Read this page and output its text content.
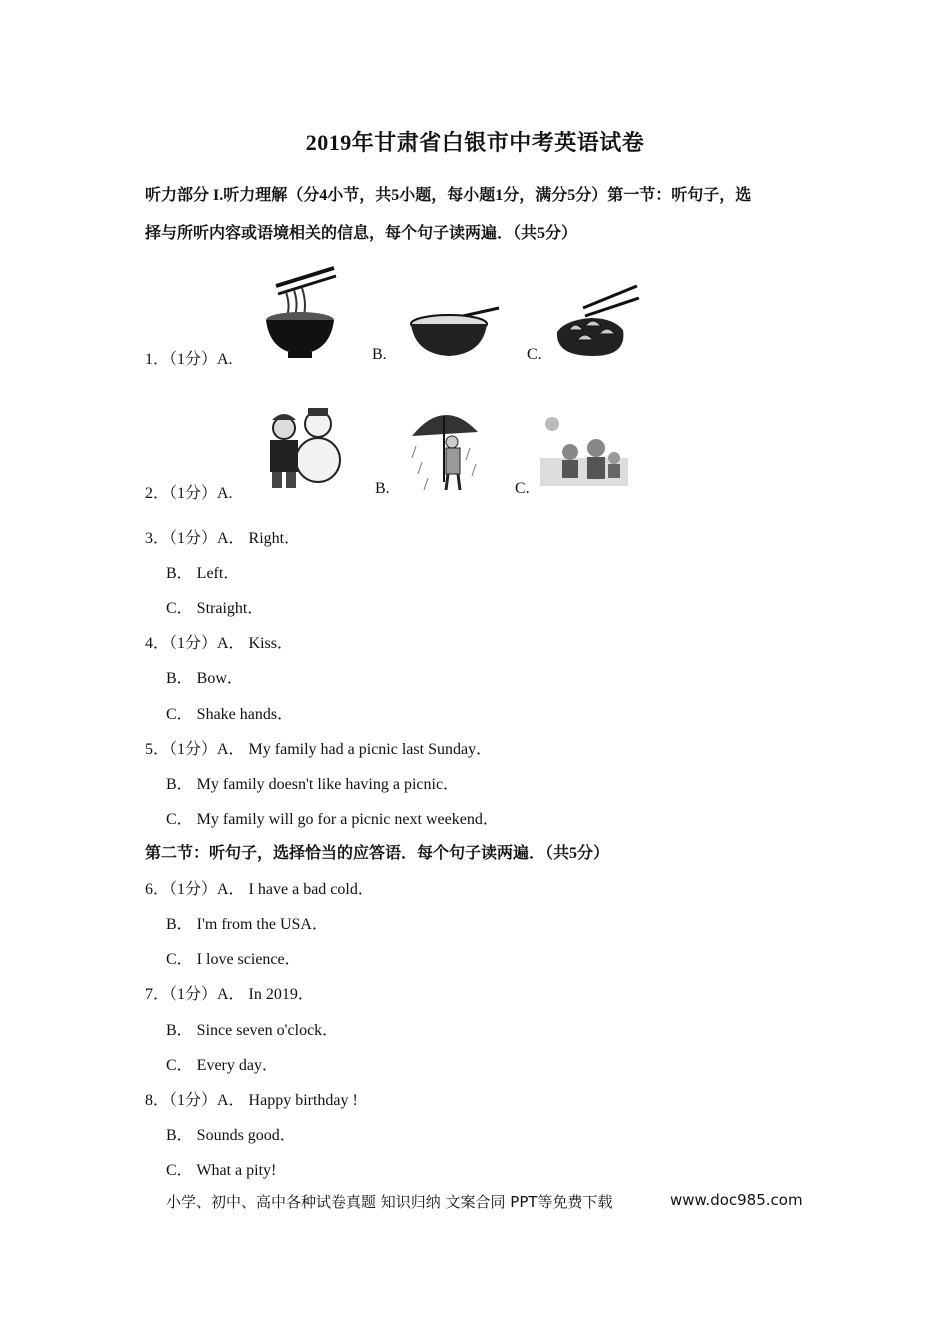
2019年甘肃省白银市中考英语试卷
听力部分 I.听力理解（分4小节，共5小题，每小题1分，满分5分）第一节：听句子，选
择与所听内容或语境相关的信息，每个句子读两遍．（共5分）
1．（1分）A.	B.	C.
2．（1分）A.	B.	C.
3．（1分）A． Right．
B． Left．
C． Straight．
4．（1分）A． Kiss．
B． Bow．
C． Shake hands．
5．（1分）A． My family had a picnic last Sunday．
B． My family doesn't like having a picnic．
C． My family will go for a picnic next weekend．
第二节：听句子，选择恰当的应答语．每个句子读两遍．（共5分）
6．（1分）A． I have a bad cold．
B． I'm from the USA．
C． I love science．
7．（1分）A． In 2019．
B． Since seven o'clock．
C． Every day．
8．（1分）A． Happy birthday !
B． Sounds good．
C． What a pity!
小学、初中、高中各种试卷真题 知识归纳 文案合同 PPT等免费下载	www.doc985.com
